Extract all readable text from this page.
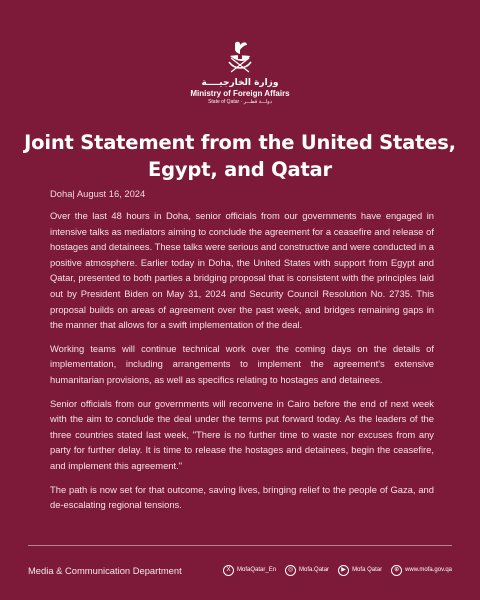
وزارة الخارجيــــة
Ministry of Foreign Affairs
State of Qatar · دولـــة قطـــر
Joint Statement from the United States, Egypt, and Qatar
Doha| August 16, 2024

Over the last 48 hours in Doha, senior officials from our governments have engaged in intensive talks as mediators aiming to conclude the agreement for a ceasefire and release of hostages and detainees. These talks were serious and constructive and were conducted in a positive atmosphere. Earlier today in Doha, the United States with support from Egypt and Qatar, presented to both parties a bridging proposal that is consistent with the principles laid out by President Biden on May 31, 2024 and Security Council Resolution No. 2735. This proposal builds on areas of agreement over the past week, and bridges remaining gaps in the manner that allows for a swift implementation of the deal.

Working teams will continue technical work over the coming days on the details of implementation, including arrangements to implement the agreement's extensive humanitarian provisions, as well as specifics relating to hostages and detainees.

Senior officials from our governments will reconvene in Cairo before the end of next week with the aim to conclude the deal under the terms put forward today. As the leaders of the three countries stated last week, "There is no further time to waste nor excuses from any party for further delay. It is time to release the hostages and detainees, begin the ceasefire, and implement this agreement."

The path is now set for that outcome, saving lives, bringing relief to the people of Gaza, and de-escalating regional tensions.

Media & Communication Department	X	MofaQatar_En	◎ Mofa.Qatar	▶	Mofa Qatar	⊕ www.mofa.gov.qa
